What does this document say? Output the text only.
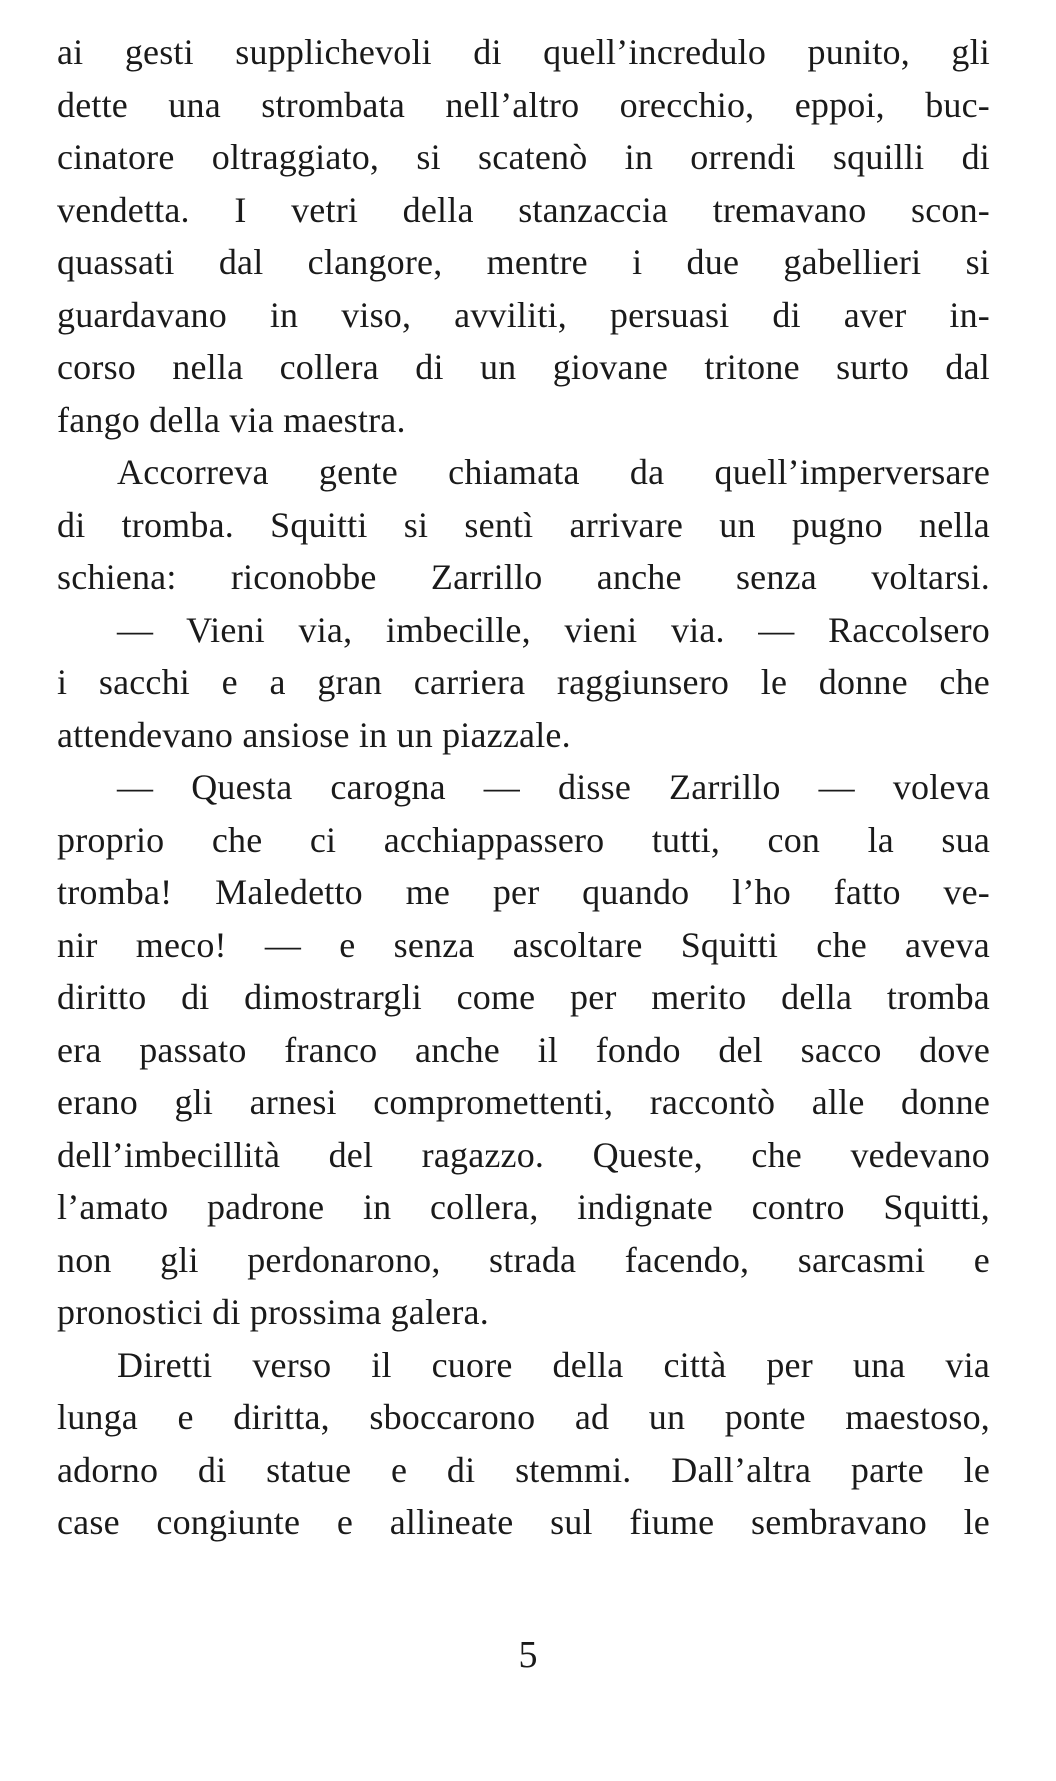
ai gesti supplichevoli di quell’incredulo punito, gli
dette una strombata nell’altro orecchio, eppoi, buc-
cinatore oltraggiato, si scatenò in orrendi squilli di
vendetta. I vetri della stanzaccia tremavano scon-
quassati dal clangore, mentre i due gabellieri si
guardavano in viso, avviliti, persuasi di aver in-
corso nella collera di un giovane tritone surto dal
fango della via maestra.
Accorreva gente chiamata da quell’imperversare
di tromba. Squitti si sentì arrivare un pugno nella
schiena: riconobbe Zarrillo anche senza voltarsi.
— Vieni via, imbecille, vieni via. — Raccolsero
i sacchi e a gran carriera raggiunsero le donne che
attendevano ansiose in un piazzale.
— Questa carogna — disse Zarrillo — voleva
proprio che ci acchiappassero tutti, con la sua
tromba! Maledetto me per quando l’ho fatto ve-
nir meco! — e senza ascoltare Squitti che aveva
diritto di dimostrargli come per merito della tromba
era passato franco anche il fondo del sacco dove
erano gli arnesi compromettenti, raccontò alle donne
dell’imbecillità del ragazzo. Queste, che vedevano
l’amato padrone in collera, indignate contro Squitti,
non gli perdonarono, strada facendo, sarcasmi e
pronostici di prossima galera.
Diretti verso il cuore della città per una via
lunga e diritta, sboccarono ad un ponte maestoso,
adorno di statue e di stemmi. Dall’altra parte le
case congiunte e allineate sul fiume sembravano le
5
